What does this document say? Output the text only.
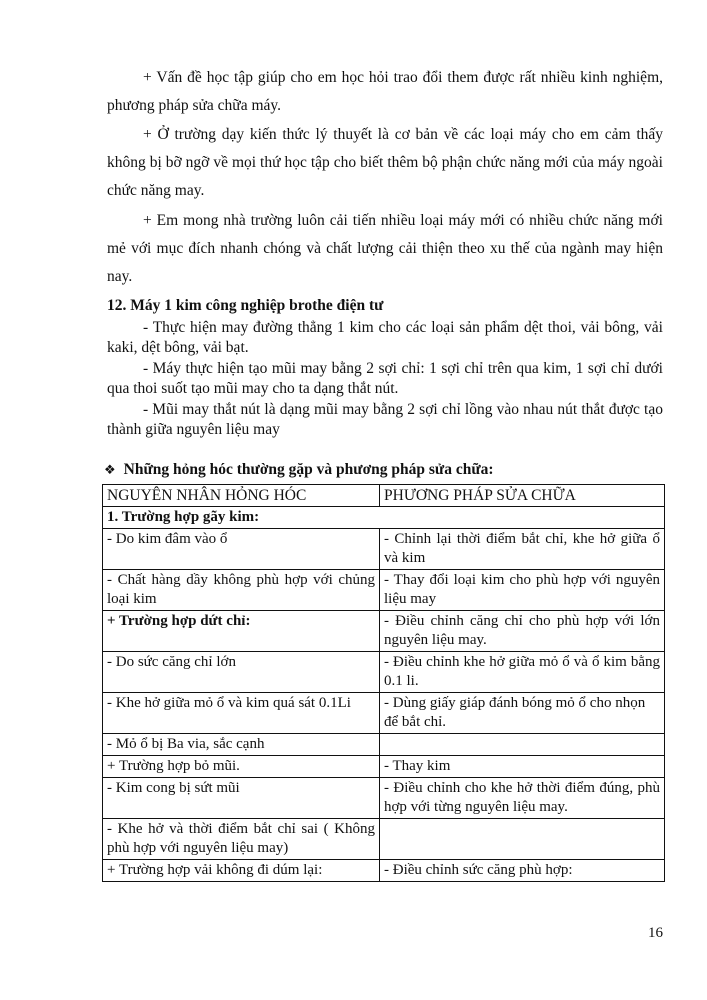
+ Vấn đề học tập giúp cho em học hỏi trao đổi them được rất nhiều kinh nghiệm, phương pháp sửa chữa máy.

+ Ở trường dạy kiến thức lý thuyết là cơ bản về các loại máy cho em cảm thấy không bị bỡ ngỡ về mọi thứ học tập cho biết thêm bộ phận chức năng mới của máy ngoài chức năng may.

+ Em mong nhà trường luôn cải tiến nhiều loại máy mới có nhiều chức năng mới mẻ với mục đích nhanh chóng và chất lượng cải thiện theo xu thế của ngành may hiện nay.

12. Máy 1 kim công nghiệp brothe điện tư

- Thực hiện may đường thẳng 1 kim cho các loại sản phẩm dệt thoi, vải bông, vải kaki, dệt bông, vải bạt.

- Máy thực hiện tạo mũi may bằng 2 sợi chỉ: 1 sợi chỉ trên qua kim, 1 sợi chỉ dưới qua thoi suốt tạo mũi may cho ta dạng thắt nút.

- Mũi may thắt nút là dạng mũi may bằng 2 sợi chỉ lồng vào nhau nút thắt được tạo thành giữa nguyên liệu may

❖ Những hỏng hóc thường gặp và phương pháp sửa chữa:

NGUYÊN NHÂN HỎNG HÓC	PHƯƠNG PHÁP SỬA CHỮA
1. Trường hợp gãy kim:	
- Do kim đâm vào ổ	- Chỉnh lại thời điểm bắt chỉ, khe hở giữa ổ và kim
- Chất hàng dầy không phù hợp với chủng loại kim	- Thay đổi loại kim cho phù hợp với nguyên liệu may
+ Trường hợp dứt chỉ:	- Điều chỉnh căng chỉ cho phù hợp với lớn nguyên liệu may.
- Do sức căng chỉ lớn	- Điều chỉnh khe hở giữa mỏ ổ và ổ kim bằng 0.1 li.
- Khe hở giữa mỏ ổ và kim quá sát 0.1Li	- Dùng giấy giáp đánh bóng mỏ ổ cho nhọn
để bắt chỉ.
- Mỏ ổ bị Ba via, sắc cạnh	
+ Trường hợp bỏ mũi.	- Thay kim
- Kim cong bị sứt mũi	- Điều chỉnh cho khe hở thời điểm đúng, phù hợp với từng nguyên liệu may.
- Khe hở và thời điểm bắt chỉ sai ( Không phù hợp với nguyên liệu may)	
+ Trường hợp vải không đi dúm lại:	- Điều chỉnh sức căng phù hợp:

16
